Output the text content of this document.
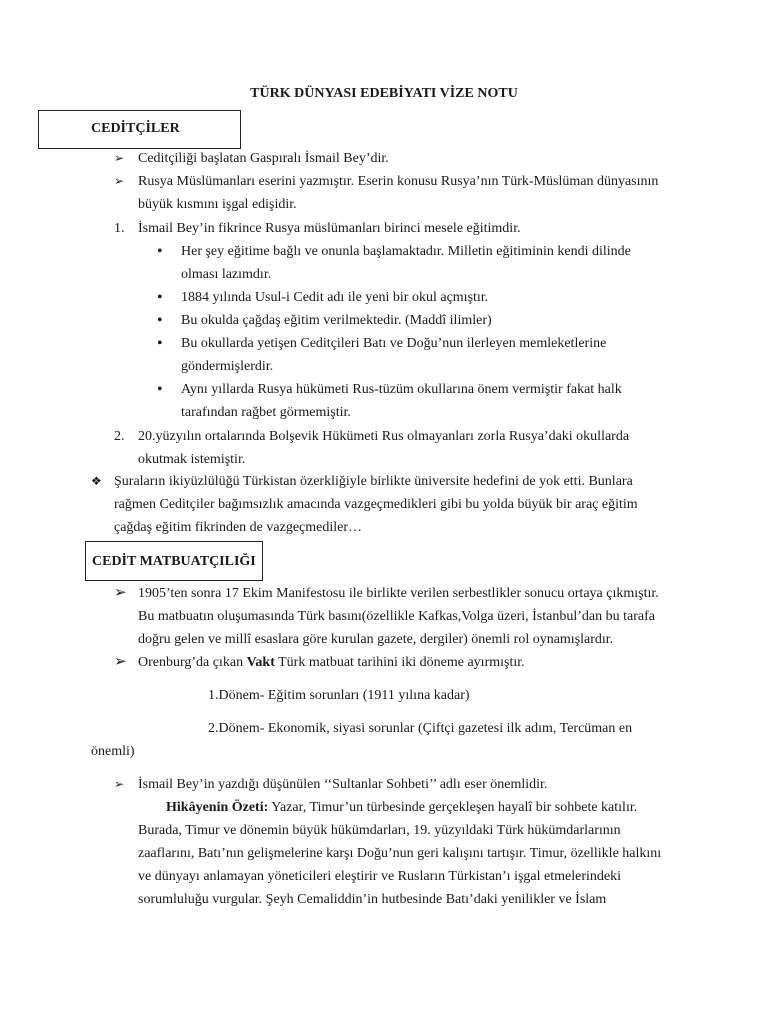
TÜRK DÜNYASI EDEBİYATI VİZE NOTU
CEDİTÇİLER
➢ Ceditçiliği başlatan Gaspıralı İsmail Bey’dir.
➢ Rusya Müslümanları eserini yazmıştır. Eserin konusu Rusya’nın Türk-Müslüman dünyasının
büyük kısmını işgal edişidir.
1. İsmail Bey’in fikrince Rusya müslümanları birinci mesele eğitimdir.
• Her şey eğitime bağlı ve onunla başlamaktadır. Milletin eğitiminin kendi dilinde
olması lazımdır.
• 1884 yılında Usul-i Cedit adı ile yeni bir okul açmıştır.
• Bu okulda çağdaş eğitim verilmektedir. (Maddî ilimler)
• Bu okullarda yetişen Ceditçileri Batı ve Doğu’nun ilerleyen memleketlerine
göndermişlerdir.
• Aynı yıllarda Rusya hükümeti Rus-tüzüm okullarına önem vermiştir fakat halk
tarafından rağbet görmemiştir.
2. 20.yüzyılın ortalarında Bolşevik Hükümeti Rus olmayanları zorla Rusya’daki okullarda
okutmak istemiştir.
❖ Şuraların ikiyüzlülüğü Türkistan özerkliğiyle birlikte üniversite hedefini de yok etti. Bunlara
rağmen Ceditçiler bağımsızlık amacında vazgeçmedikleri gibi bu yolda büyük bir araç eğitim
çağdaş eğitim fikrinden de vazgeçmediler…
CEDİT MATBUATÇILIĞI
➢ 1905’ten sonra 17 Ekim Manifestosu ile birlikte verilen serbestlikler sonucu ortaya çıkmıştır.
Bu matbuatın oluşumasında Türk basını(özellikle Kafkas,Volga üzeri, İstanbul’dan bu tarafa
doğru gelen ve millî esaslara göre kurulan gazete, dergiler) önemli rol oynamışlardır.
➢ Orenburg’da çıkan Vakt Türk matbuat tarihini iki döneme ayırmıştır.
1.Dönem- Eğitim sorunları (1911 yılına kadar)
2.Dönem- Ekonomik, siyasi sorunlar (Çiftçi gazetesi ilk adım, Tercüman en
önemli)
➢ İsmail Bey’in yazdığı düşünülen ‘‘Sultanlar Sohbeti’’ adlı eser önemlidir.
Hikâyenin Özeti: Yazar, Timur’un türbesinde gerçekleşen hayalî bir sohbete katılır.
Burada, Timur ve dönemin büyük hükümdarları, 19. yüzyıldaki Türk hükümdarlarının
zaaflarını, Batı’nın gelişmelerine karşı Doğu’nun geri kalışını tartışır. Timur, özellikle halkını
ve dünyayı anlamayan yöneticileri eleştirir ve Rusların Türkistan’ı işgal etmelerindeki
sorumluluğu vurgular. Şeyh Cemaliddin’in hutbesinde Batı’daki yenilikler ve İslam
